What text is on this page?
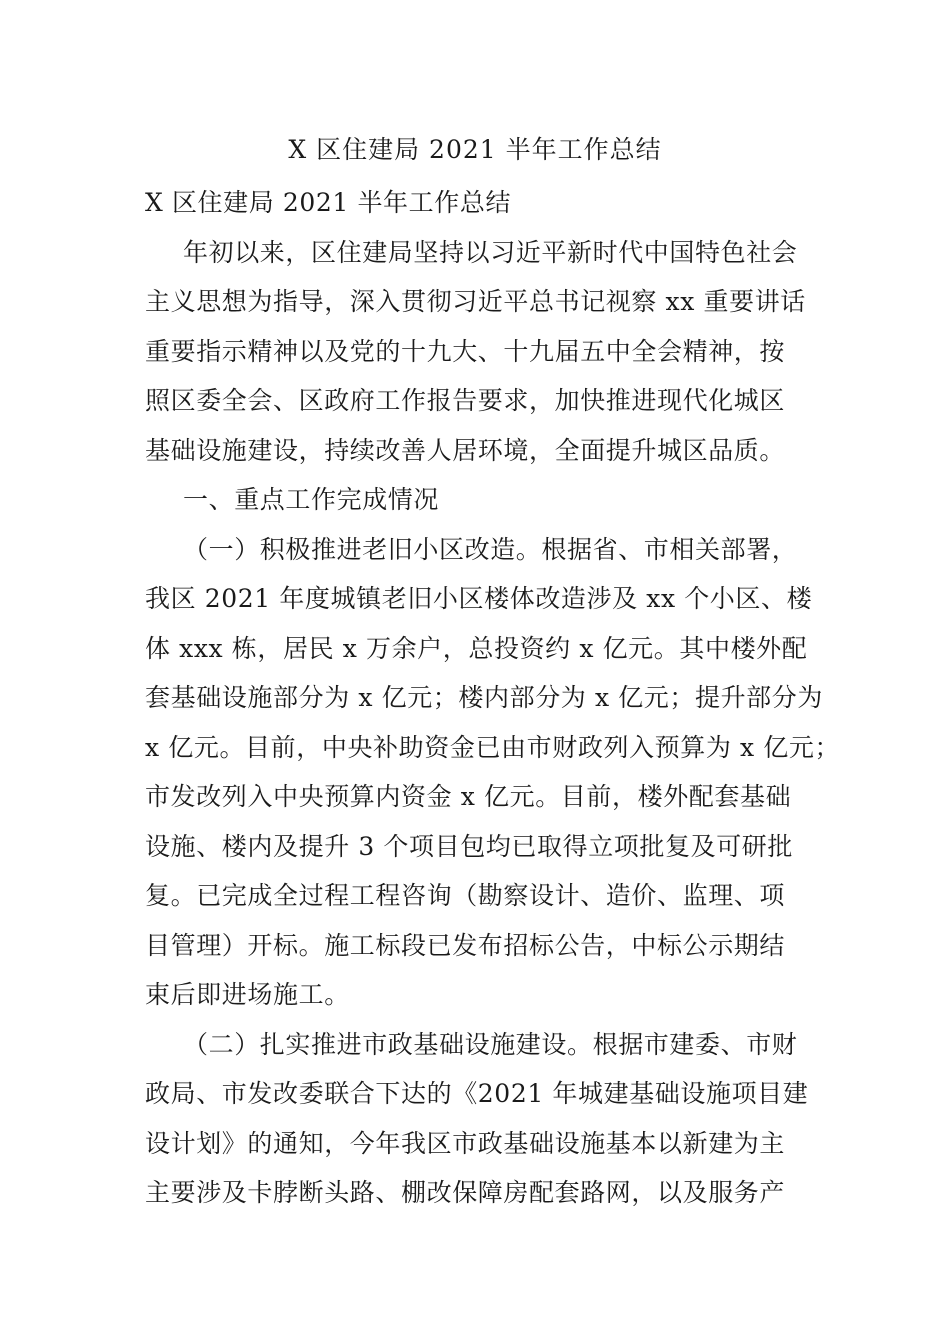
X 区住建局 2021 半年工作总结
X 区住建局 2021 半年工作总结
年初以来，区住建局坚持以习近平新时代中国特色社会
主义思想为指导，深入贯彻习近平总书记视察 xx 重要讲话
重要指示精神以及党的十九大、十九届五中全会精神，按
照区委全会、区政府工作报告要求，加快推进现代化城区
基础设施建设，持续改善人居环境，全面提升城区品质。
一、重点工作完成情况
（一）积极推进老旧小区改造。根据省、市相关部署，
我区 2021 年度城镇老旧小区楼体改造涉及 xx 个小区、楼
体 xxx 栋，居民 x 万余户，总投资约 x 亿元。其中楼外配
套基础设施部分为 x 亿元；楼内部分为 x 亿元；提升部分为
x 亿元。目前，中央补助资金已由市财政列入预算为 x 亿元；
市发改列入中央预算内资金 x 亿元。目前，楼外配套基础
设施、楼内及提升 3 个项目包均已取得立项批复及可研批
复。已完成全过程工程咨询（勘察设计、造价、监理、项
目管理）开标。施工标段已发布招标公告，中标公示期结
束后即进场施工。
（二）扎实推进市政基础设施建设。根据市建委、市财
政局、市发改委联合下达的《2021 年城建基础设施项目建
设计划》的通知，今年我区市政基础设施基本以新建为主
主要涉及卡脖断头路、棚改保障房配套路网，以及服务产
